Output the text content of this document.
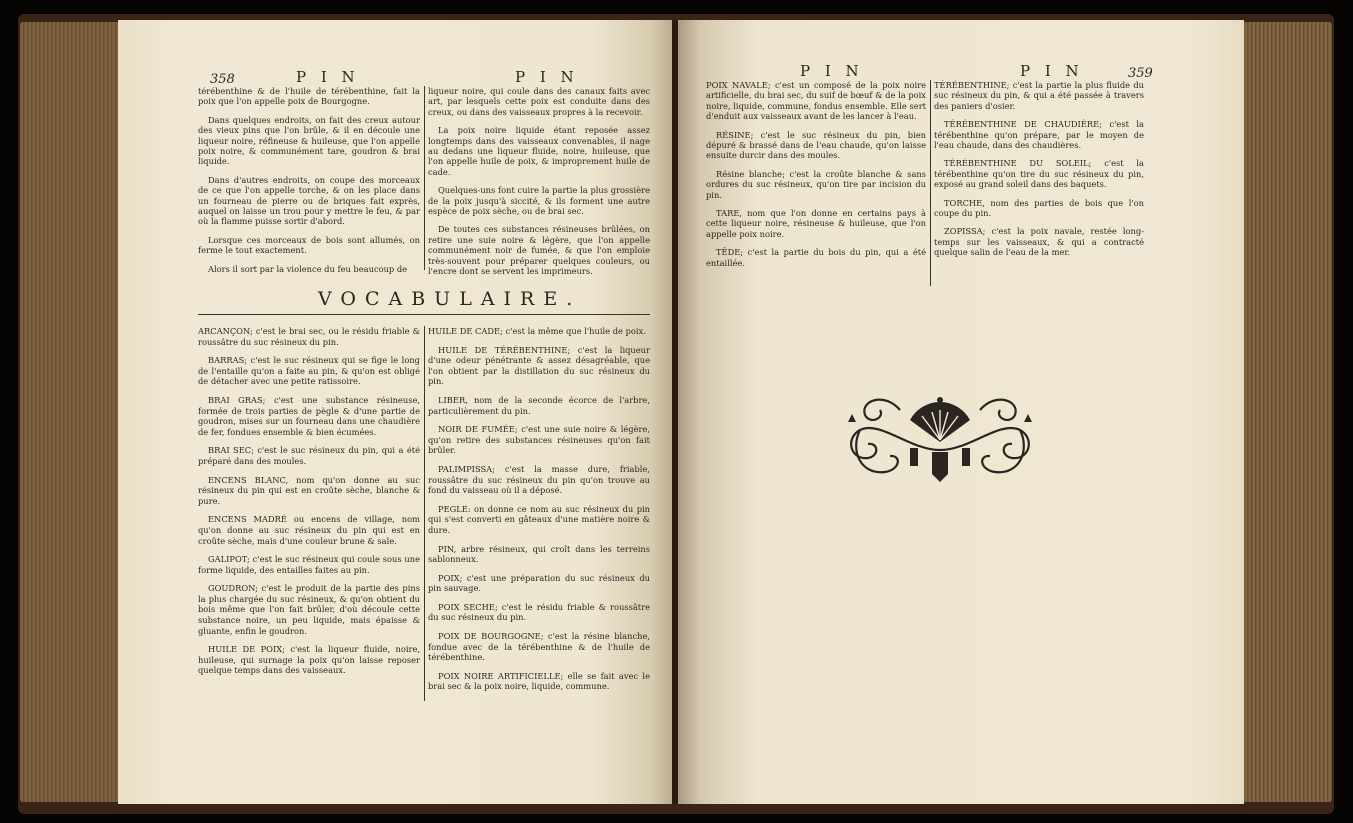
358	P I N	P I N

térébenthine & de l'huile de térébenthine, fait la poix que l'on appelle poix de Bourgogne.

Dans quelques endroits, on fait des creux autour des vieux pins que l'on brûle, & il en découle une liqueur noire, réfineuse & huileuse, que l'on appelle poix noire, & communément tare, goudron & brai liquide.

Dans d'autres endroits, on coupe des morceaux de ce que l'on appelle torche, & on les place dans un fourneau de pierre ou de briques fait exprès, auquel on laisse un trou pour y mettre le feu, & par où la flamme puisse sortir d'abord.

Lorsque ces morceaux de bois sont allumés, on ferme le tout exactement.

Alors il sort par la violence du feu beaucoup de

liqueur noire, qui coule dans des canaux faits avec art, par lesquels cette poix est conduite dans des creux, ou dans des vaisseaux propres à la recevoir.

La poix noire liquide étant reposée assez longtemps dans des vaisseaux convenables, il nage au dedans une liqueur fluide, noire, huileuse, que l'on appelle huile de poix, & improprement huile de cade.

Quelques-uns font cuire la partie la plus grossière de la poix jusqu'à siccité, & ils forment une autre espèce de poix sèche, ou de brai sec.

De toutes ces substances résineuses brûlées, on retire une suie noire & légère, que l'on appelle communément noir de fumée, & que l'on emploie très-souvent pour préparer quelques couleurs, ou l'encre dont se servent les imprimeurs.

VOCABULAIRE.

ARCANÇON; c'est le brai sec, ou le résidu friable & roussâtre du suc résineux du pin.

BARRAS; c'est le suc résineux qui se fige le long de l'entaille qu'on a faite au pin, & qu'on est obligé de détacher avec une petite ratissoire.

BRAI GRAS; c'est une substance résineuse, formée de trois parties de pègle & d'une partie de goudron, mises sur un fourneau dans une chaudière de fer, fondues ensemble & bien écumées.

BRAI SEC; c'est le suc résineux du pin, qui a été préparé dans des moules.

ENCENS BLANC, nom qu'on donne au suc résineux du pin qui est en croûte sèche, blanche & pure.

ENCENS MADRÉ ou encens de village, nom qu'on donne au suc résineux du pin qui est en croûte sèche, mais d'une couleur brune & sale.

GALIPOT; c'est le suc résineux qui coule sous une forme liquide, des entailles faites au pin.

GOUDRON; c'est le produit de la partie des pins la plus chargée du suc résineux, & qu'on obtient du bois même que l'on fait brûler, d'où découle cette substance noire, un peu liquide, mais épaisse & gluante, enfin le goudron.

HUILE DE POIX; c'est la liqueur fluide, noire, huileuse, qui surnage la poix qu'on laisse reposer quelque temps dans des vaisseaux.

HUILE DE CADE; c'est la même que l'huile de poix.

HUILE DE TÉRÉBENTHINE; c'est la liqueur d'une odeur pénétrante & assez désagréable, que l'on obtient par la distillation du suc résineux du pin.

LIBER, nom de la seconde écorce de l'arbre, particulièrement du pin.

NOIR DE FUMÉE; c'est une suie noire & légère, qu'on retire des substances résineuses qu'on fait brûler.

PALIMPISSA; c'est la masse dure, friable, roussâtre du suc résineux du pin qu'on trouve au fond du vaisseau où il a déposé.

PEGLE: on donne ce nom au suc résineux du pin qui s'est converti en gâteaux d'une matière noire & dure.

PIN, arbre résineux, qui croît dans les terreins sablonneux.

POIX; c'est une préparation du suc résineux du pin sauvage.

POIX SECHE; c'est le résidu friable & roussâtre du suc résineux du pin.

POIX DE BOURGOGNE; c'est la résine blanche, fondue avec de la térébenthine & de l'huile de térébenthine.

POIX NOIRE ARTIFICIELLE; elle se fait avec le brai sec & la poix noire, liquide, commune.

P I N	P I N	359

POIX NAVALE; c'est un composé de la poix noire artificielle, du brai sec, du suif de bœuf & de la poix noire, liquide, commune, fondus ensemble. Elle sert d'enduit aux vaisseaux avant de les lancer à l'eau.

RÉSINE; c'est le suc résineux du pin, bien dépuré & brassé dans de l'eau chaude, qu'on laisse ensuite durcir dans des moules.

Résine blanche; c'est la croûte blanche & sans ordures du suc résineux, qu'on tire par incision du pin.

TARE, nom que l'on donne en certains pays à cette liqueur noire, résineuse & huileuse, que l'on appelle poix noire.

TÊDE; c'est la partie du bois du pin, qui a été entaillée.

TÉRÉBENTHINE; c'est la partie la plus fluide du suc résineux du pin, & qui a été passée à travers des paniers d'osier.

TÉRÉBENTHINE DE CHAUDIÈRE; c'est la térébenthine qu'on prépare, par le moyen de l'eau chaude, dans des chaudières.

TÉRÉBENTHINE DU SOLEIL; c'est la térébenthine qu'on tire du suc résineux du pin, exposé au grand soleil dans des baquets.

TORCHE, nom des parties de bois que l'on coupe du pin.

ZOPISSA; c'est la poix navale, restée long-temps sur les vaisseaux, & qui a contracté quelque salin de l'eau de la mer.
